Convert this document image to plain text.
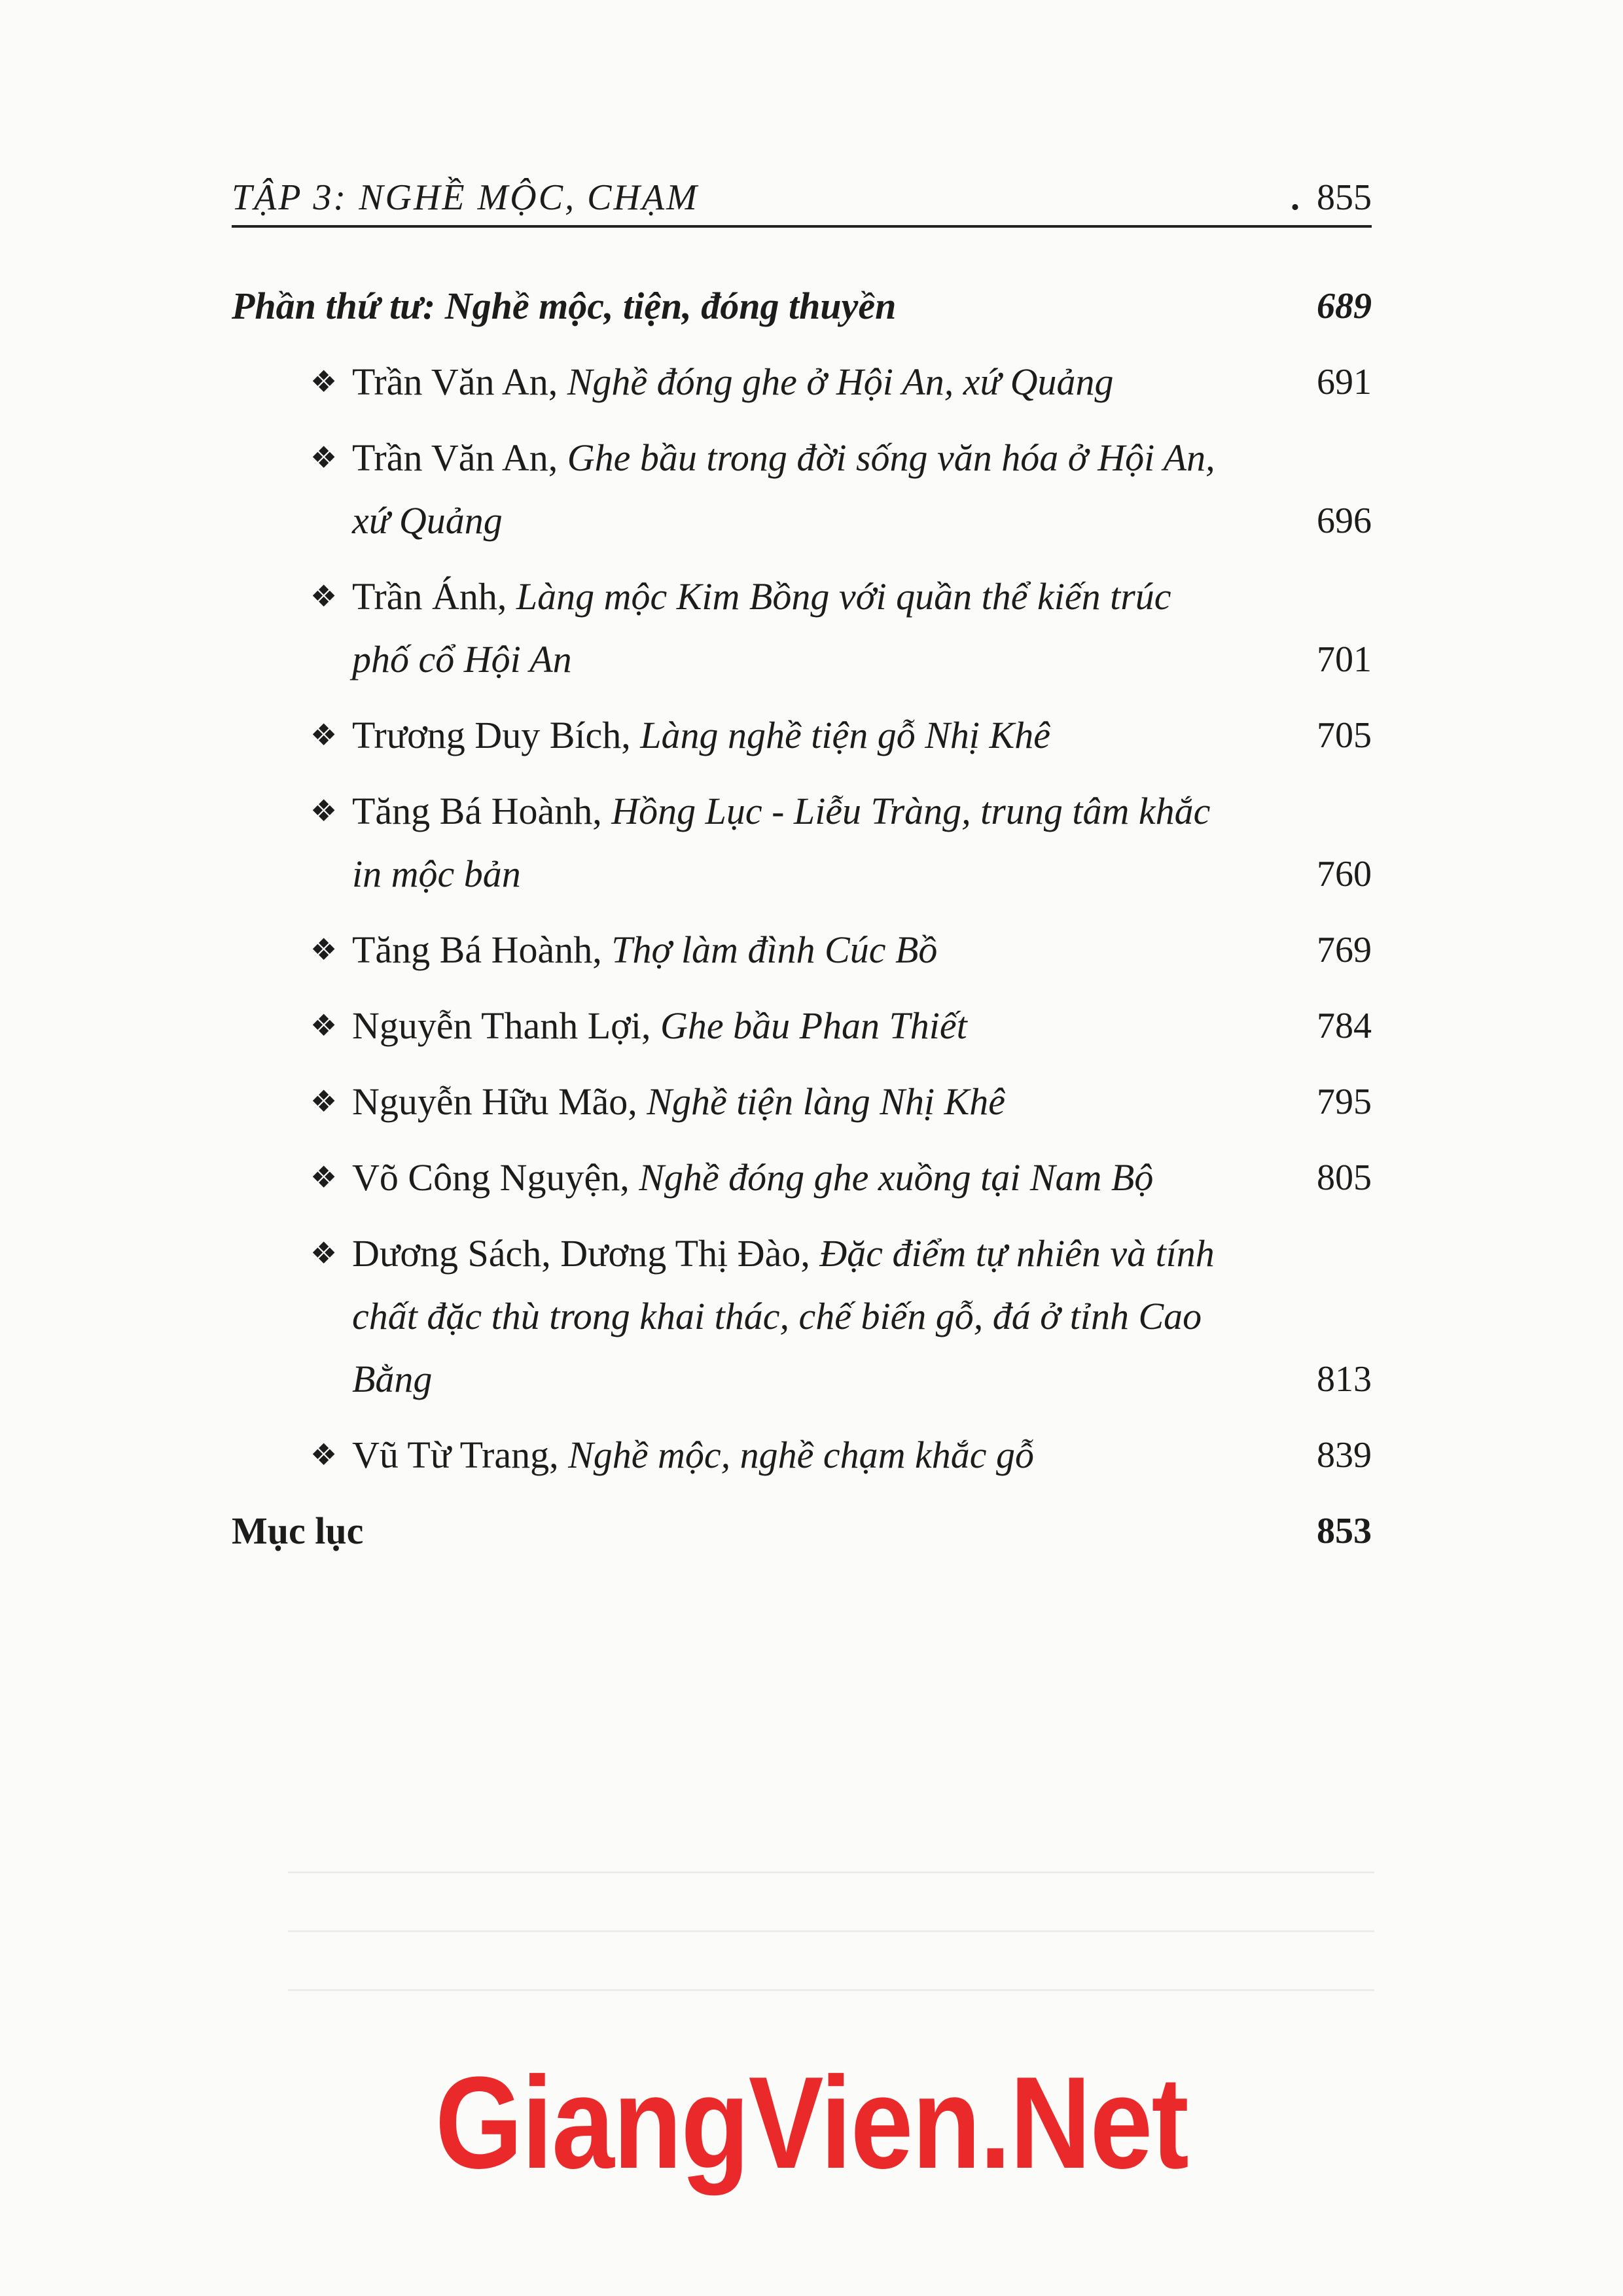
TẬP 3: NGHỀ MỘC, CHẠM	. 855
Phần thứ tư: Nghề mộc, tiện, đóng thuyền	689
❖ Trần Văn An, Nghề đóng ghe ở Hội An, xứ Quảng	691
❖ Trần Văn An, Ghe bầu trong đời sống văn hóa ở Hội An, xứ Quảng	696
❖ Trần Ánh, Làng mộc Kim Bồng với quần thể kiến trúc phố cổ Hội An	701
❖ Trương Duy Bích, Làng nghề tiện gỗ Nhị Khê	705
❖ Tăng Bá Hoành, Hồng Lục - Liễu Tràng, trung tâm khắc in mộc bản	760
❖ Tăng Bá Hoành, Thợ làm đình Cúc Bồ	769
❖ Nguyễn Thanh Lợi, Ghe bầu Phan Thiết	784
❖ Nguyễn Hữu Mão, Nghề tiện làng Nhị Khê	795
❖ Võ Công Nguyện, Nghề đóng ghe xuồng tại Nam Bộ	805
❖ Dương Sách, Dương Thị Đào, Đặc điểm tự nhiên và tính chất đặc thù trong khai thác, chế biến gỗ, đá ở tỉnh Cao Bằng	813
❖ Vũ Từ Trang, Nghề mộc, nghề chạm khắc gỗ	839
Mục lục	853
GiangVien.Net
